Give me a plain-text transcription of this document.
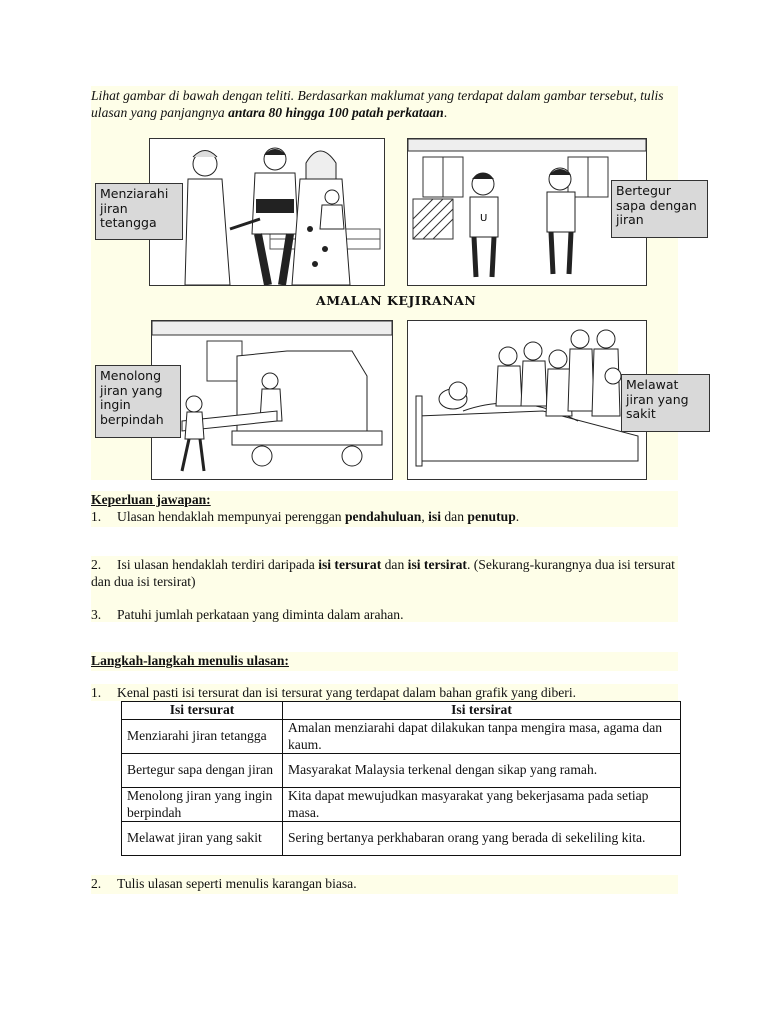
Lihat gambar di bawah dengan teliti. Berdasarkan maklumat yang terdapat dalam gambar tersebut, tulis ulasan yang panjangnya antara 80 hingga 100 patah perkataan.
Menziarahi
jiran
tetangga	U
Bertegur
sapa dengan
jiran
AMALAN KEJIRANAN
Menolong
jiran yang
ingin
berpindah
Melawat
jiran yang
sakit
Keperluan jawapan:
1. Ulasan hendaklah mempunyai perenggan pendahuluan, isi dan penutup.
2. Isi ulasan hendaklah terdiri daripada isi tersurat dan isi tersirat. (Sekurang-kurangnya dua isi tersurat dan dua isi tersirat)
3. Patuhi jumlah perkataan yang diminta dalam arahan.
Langkah-langkah menulis ulasan:
1. Kenal pasti isi tersurat dan isi tersurat yang terdapat dalam bahan grafik yang diberi.
Isi tersurat	Isi tersirat
Menziarahi jiran tetangga	Amalan menziarahi dapat dilakukan tanpa mengira masa, agama dan kaum.
Bertegur sapa dengan jiran	Masyarakat Malaysia terkenal dengan sikap yang ramah.
Menolong jiran yang ingin berpindah	Kita dapat mewujudkan masyarakat yang bekerjasama pada setiap masa.
Melawat jiran yang sakit	Sering bertanya perkhabaran orang yang berada di sekeliling kita.
2. Tulis ulasan seperti menulis karangan biasa.
